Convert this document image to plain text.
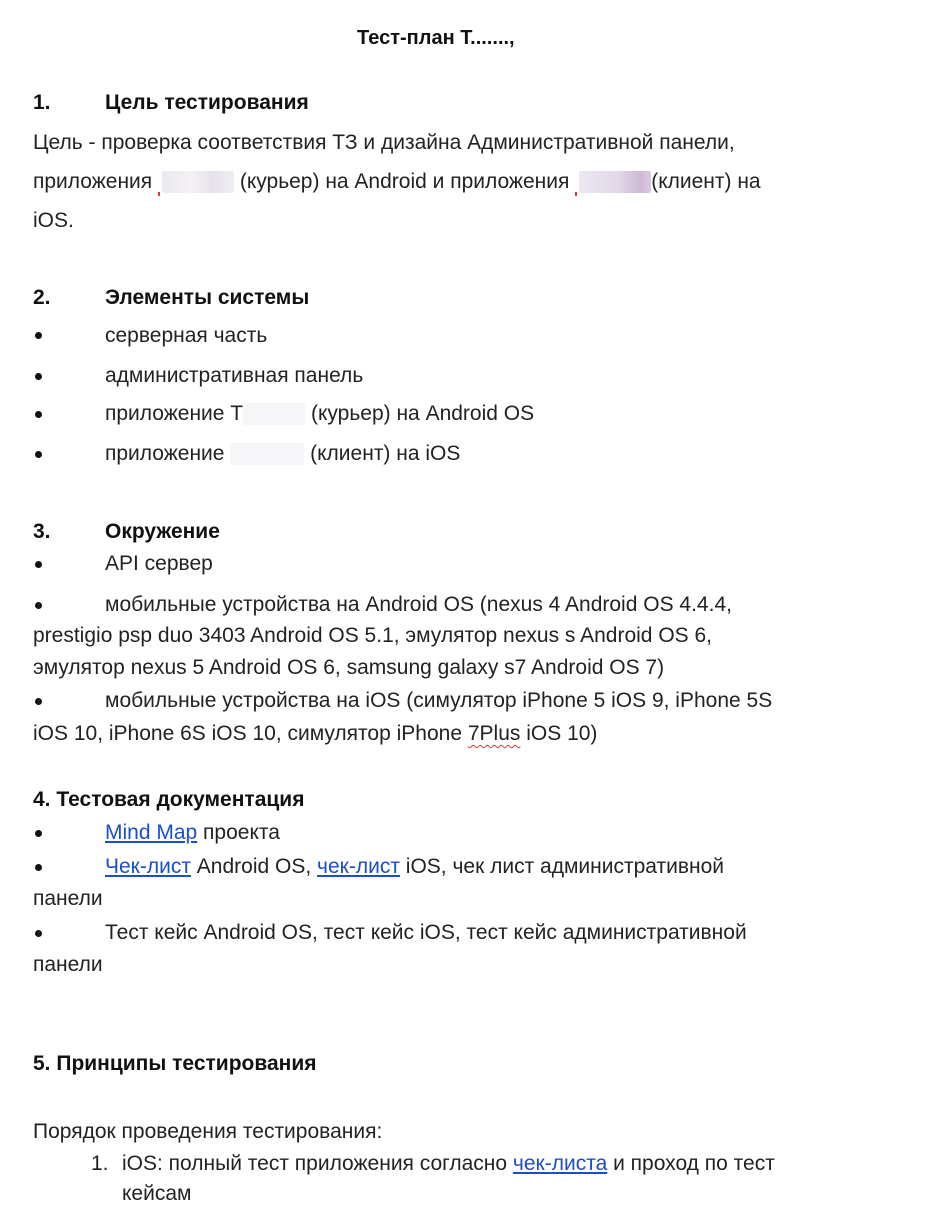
Тест-план Т.......,
1.	Цель тестирования
Цель - проверка соответствия ТЗ и дизайна Административной панели,
приложения	(курьер) на Android и приложения	(клиент) на
iOS.
2.	Элементы системы
серверная часть
административная панель
приложение Т	(курьер) на Android OS
приложение	(клиент) на iOS
3.	Окружение
API сервер
мобильные устройства на Android OS (nexus 4 Android OS 4.4.4,
prestigio psp duo 3403 Android OS 5.1, эмулятор nexus s Android OS 6,
эмулятор nexus 5 Android OS 6, samsung galaxy s7 Android OS 7)
мобильные устройства на iOS (симулятор iPhone 5 iOS 9, iPhone 5S
iOS 10, iPhone 6S iOS 10, симулятор iPhone 7Plus iOS 10)
4. Тестовая документация
Mind Map проекта
Чек-лист Android OS, чек-лист iOS, чек лист административной
панели
Тест кейс Android OS, тест кейс iOS, тест кейс административной
панели
5. Принципы тестирования
Порядок проведения тестирования:
1. iOS: полный тест приложения согласно чек-листа и проход по тест
кейсам
